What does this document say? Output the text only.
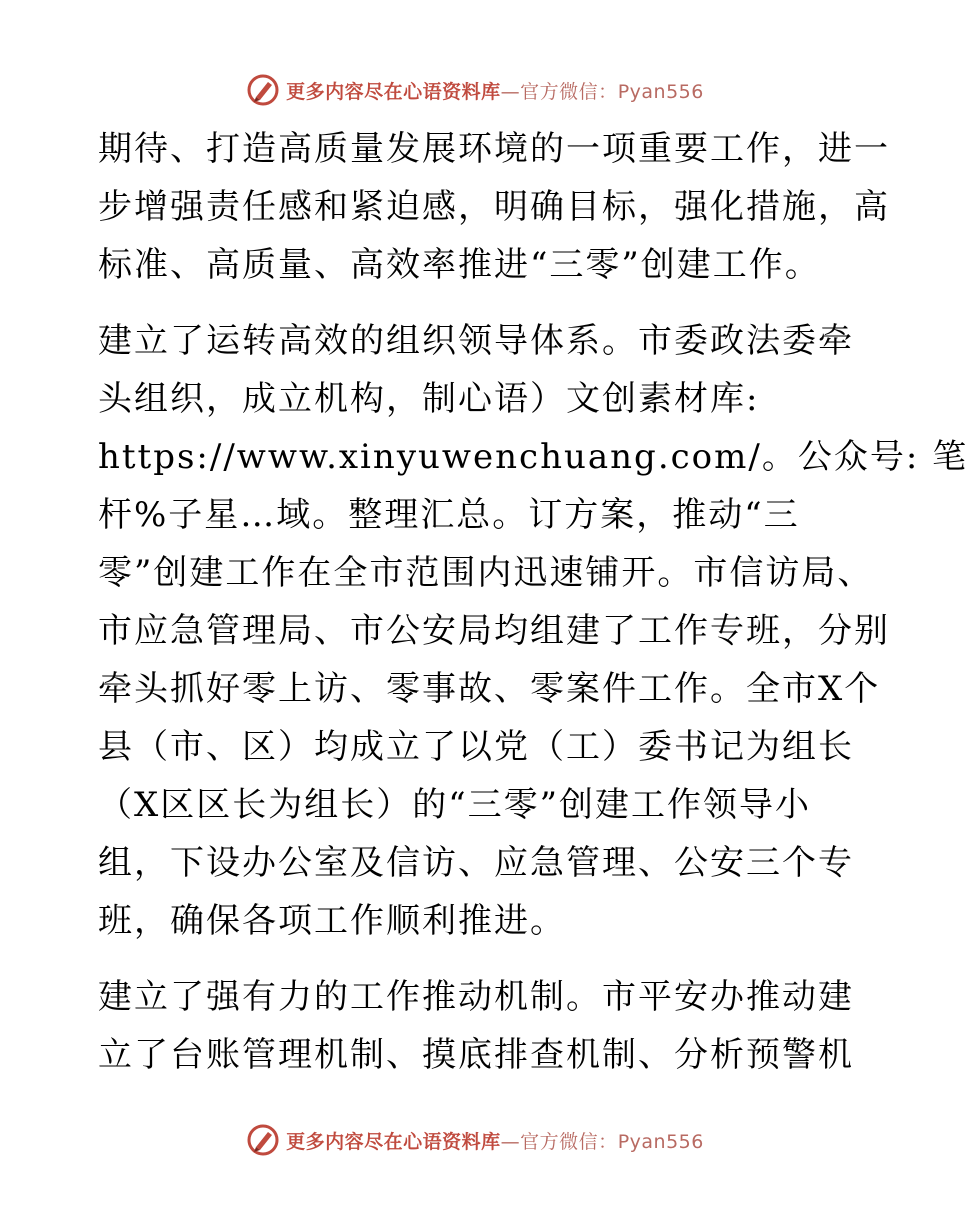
更多内容尽在心语资料库—官方微信：Pyan556
期待、打造高质量发展环境的一项重要工作，进一
步增强责任感和紧迫感，明确目标，强化措施，高
标准、高质量、高效率推进“三零”创建工作。
建立了运转高效的组织领导体系。市委政法委牵
头组织，成立机构，制心语）文创素材库:
https://www.xinyuwenchuang.com/。公众号: 笔
杆%子星…域。整理汇总。订方案，推动“三
零”创建工作在全市范围内迅速铺开。市信访局、
市应急管理局、市公安局均组建了工作专班，分别
牵头抓好零上访、零事故、零案件工作。全市X个
县（市、区）均成立了以党（工）委书记为组长
（X区区长为组长）的“三零”创建工作领导小
组，下设办公室及信访、应急管理、公安三个专
班，确保各项工作顺利推进。
建立了强有力的工作推动机制。市平安办推动建
立了台账管理机制、摸底排查机制、分析预警机
更多内容尽在心语资料库—官方微信：Pyan556
